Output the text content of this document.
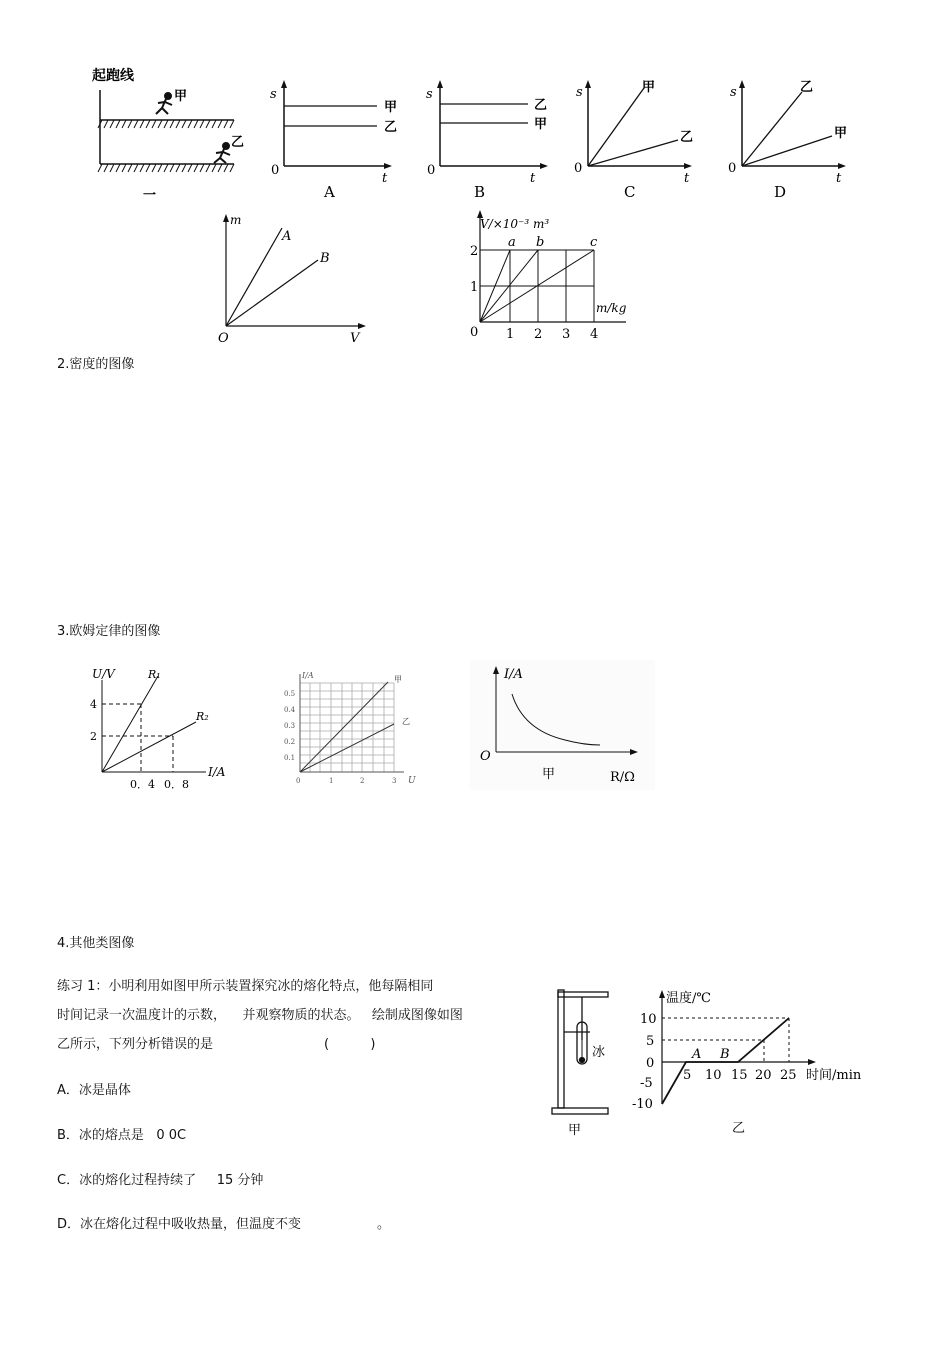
起跑线
甲
乙
一
s
0
t
甲
乙
A
s
0
t
乙
甲
B
s
0
t
甲
乙
C
s
0
t
乙
甲
D
m
O	V
A
B
V/×10⁻³ m³
0
2
1
1 2 3 4
a b	c
m/kg
2.密度的图像
3.欧姆定律的图像
U/V	R₁
R₂
4
2
0．4 0．8
I/A
I/A	甲
乙
0.5
0.4
0.3
0.2
0.1
0	1	2	3 U
I/A
O
甲	R/Ω
4.其他类图像
练习 1：小明利用如图甲所示装置探究冰的熔化特点，他每隔相同
时间记录一次温度计的示数，    并观察物质的状态。   绘制成图像如图
乙所示，下列分析错误的是	(          )
A．冰是晶体
B．冰的熔点是   0 0C
C．冰的熔化过程持续了     15 分钟
D．冰在熔化过程中吸收热量，但温度不变	。
冰
甲
温度/℃
10
5
0
-5
-10
5 10 15 20 25 时间/min
A B
乙
